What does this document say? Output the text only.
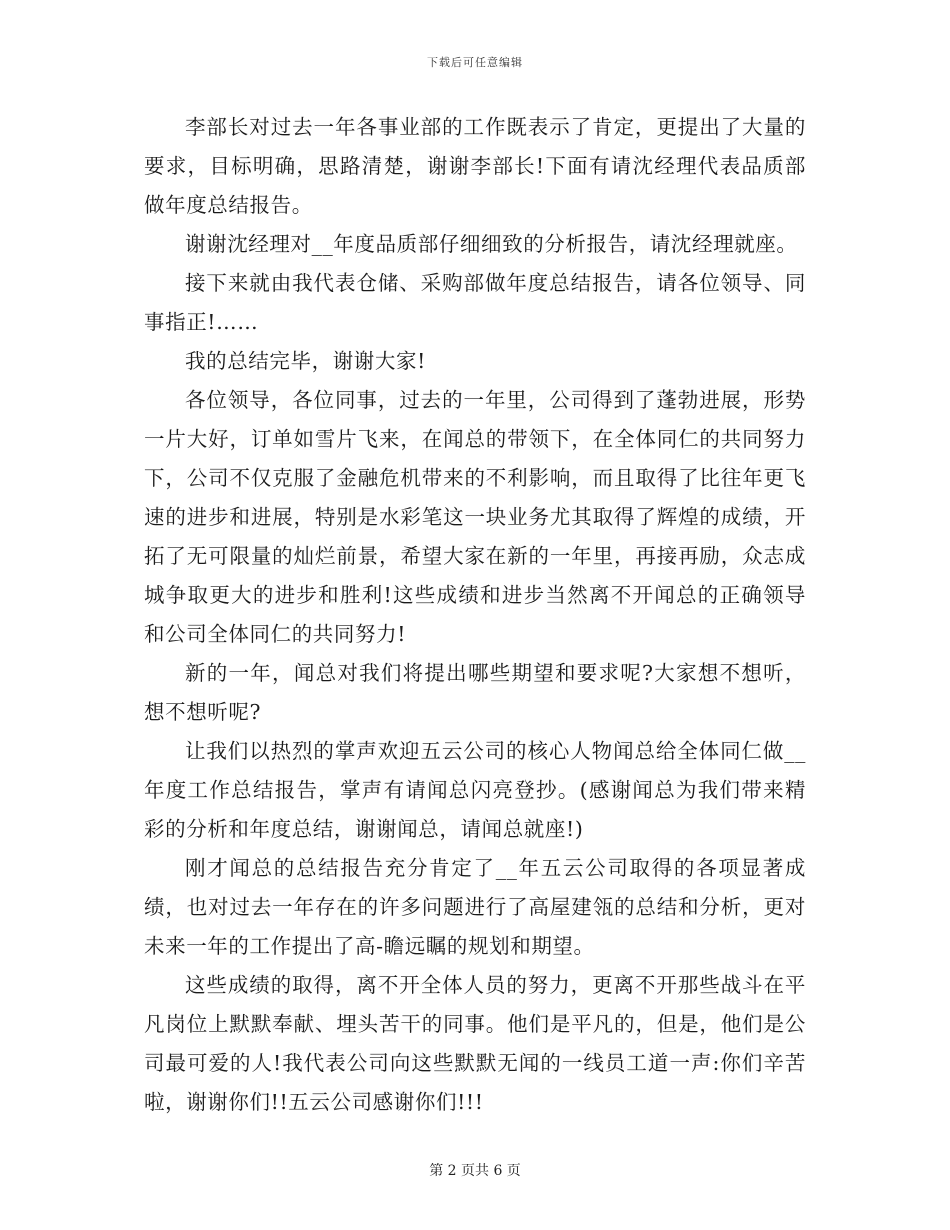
下载后可任意编辑

李部长对过去一年各事业部的工作既表示了肯定，更提出了大量的要求，目标明确，思路清楚，谢谢李部长!下面有请沈经理代表品质部做年度总结报告。

谢谢沈经理对__年度品质部仔细细致的分析报告，请沈经理就座。

接下来就由我代表仓储、采购部做年度总结报告，请各位领导、同事指正!……

我的总结完毕，谢谢大家!

各位领导，各位同事，过去的一年里，公司得到了蓬勃进展，形势一片大好，订单如雪片飞来，在闻总的带领下，在全体同仁的共同努力下，公司不仅克服了金融危机带来的不利影响，而且取得了比往年更飞速的进步和进展，特别是水彩笔这一块业务尤其取得了辉煌的成绩，开拓了无可限量的灿烂前景，希望大家在新的一年里，再接再励，众志成城争取更大的进步和胜利!这些成绩和进步当然离不开闻总的正确领导和公司全体同仁的共同努力!

新的一年，闻总对我们将提出哪些期望和要求呢?大家想不想听，想不想听呢?

让我们以热烈的掌声欢迎五云公司的核心人物闻总给全体同仁做__年度工作总结报告，掌声有请闻总闪亮登抄。(感谢闻总为我们带来精彩的分析和年度总结，谢谢闻总，请闻总就座!)

刚才闻总的总结报告充分肯定了__年五云公司取得的各项显著成绩，也对过去一年存在的许多问题进行了高屋建瓴的总结和分析，更对未来一年的工作提出了高-瞻远瞩的规划和期望。

这些成绩的取得，离不开全体人员的努力，更离不开那些战斗在平凡岗位上默默奉献、埋头苦干的同事。他们是平凡的，但是，他们是公司最可爱的人!我代表公司向这些默默无闻的一线员工道一声:你们辛苦啦，谢谢你们!!五云公司感谢你们!!!

第 2 页共 6 页
